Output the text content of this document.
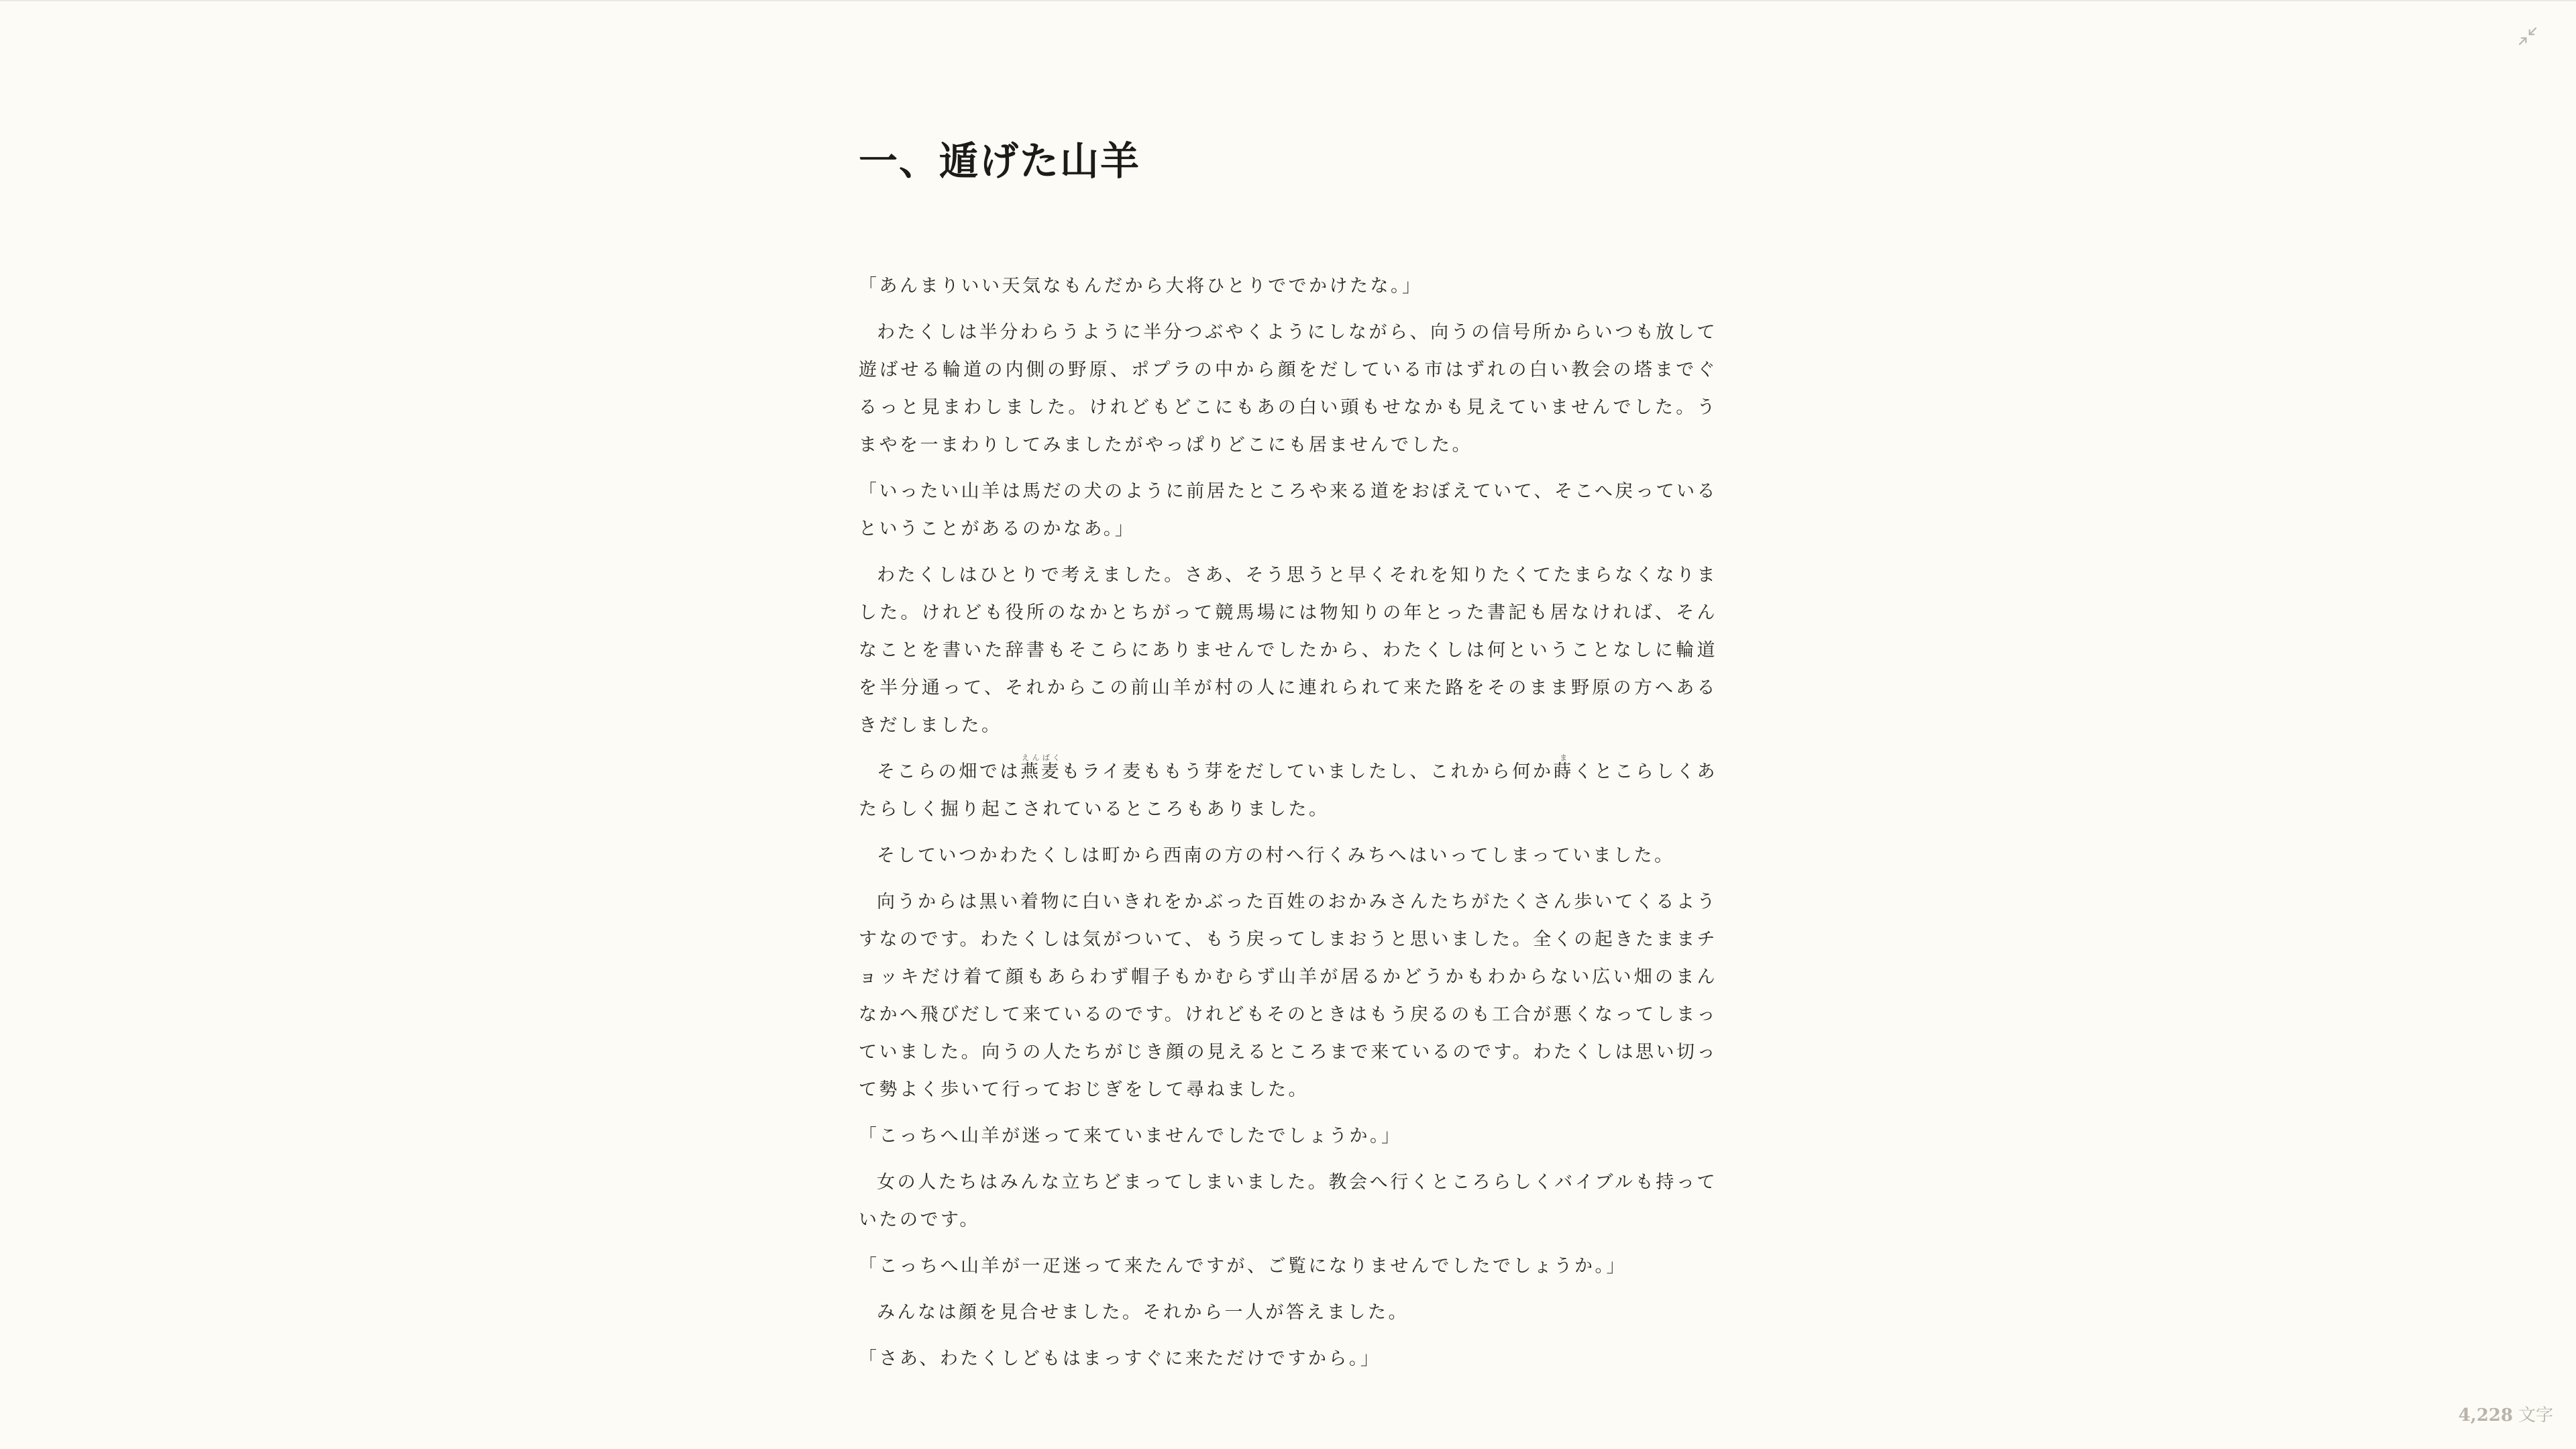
一、遁げた山羊

「あんまりいい天気なもんだから大将ひとりででかけたな。」

わたくしは半分わらうように半分つぶやくようにしながら、向うの信号所からいつも放して遊ばせる輪道の内側の野原、ポプラの中から顔をだしている市はずれの白い教会の塔までぐるっと見まわしました。けれどもどこにもあの白い頭もせなかも見えていませんでした。うまやを一まわりしてみましたがやっぱりどこにも居ませんでした。

「いったい山羊は馬だの犬のように前居たところや来る道をおぼえていて、そこへ戻っているということがあるのかなあ。」

わたくしはひとりで考えました。さあ、そう思うと早くそれを知りたくてたまらなくなりました。けれども役所のなかとちがって競馬場には物知りの年とった書記も居なければ、そんなことを書いた辞書もそこらにありませんでしたから、わたくしは何ということなしに輪道を半分通って、それからこの前山羊が村の人に連れられて来た路をそのまま野原の方へあるきだしました。

そこらの畑では燕麦えんばくもライ麦ももう芽をだしていましたし、これから何か蒔まくとこらしくあたらしく掘り起こされているところもありました。

そしていつかわたくしは町から西南の方の村へ行くみちへはいってしまっていました。

向うからは黒い着物に白いきれをかぶった百姓のおかみさんたちがたくさん歩いてくるようすなのです。わたくしは気がついて、もう戻ってしまおうと思いました。全くの起きたままチョッキだけ着て顔もあらわず帽子もかむらず山羊が居るかどうかもわからない広い畑のまんなかへ飛びだして来ているのです。けれどもそのときはもう戻るのも工合が悪くなってしまっていました。向うの人たちがじき顔の見えるところまで来ているのです。わたくしは思い切って勢よく歩いて行っておじぎをして尋ねました。

「こっちへ山羊が迷って来ていませんでしたでしょうか。」

女の人たちはみんな立ちどまってしまいました。教会へ行くところらしくバイブルも持っていたのです。

「こっちへ山羊が一疋迷って来たんですが、ご覧になりませんでしたでしょうか。」

みんなは顔を見合せました。それから一人が答えました。

「さあ、わたくしどもはまっすぐに来ただけですから。」

4,228 文字
